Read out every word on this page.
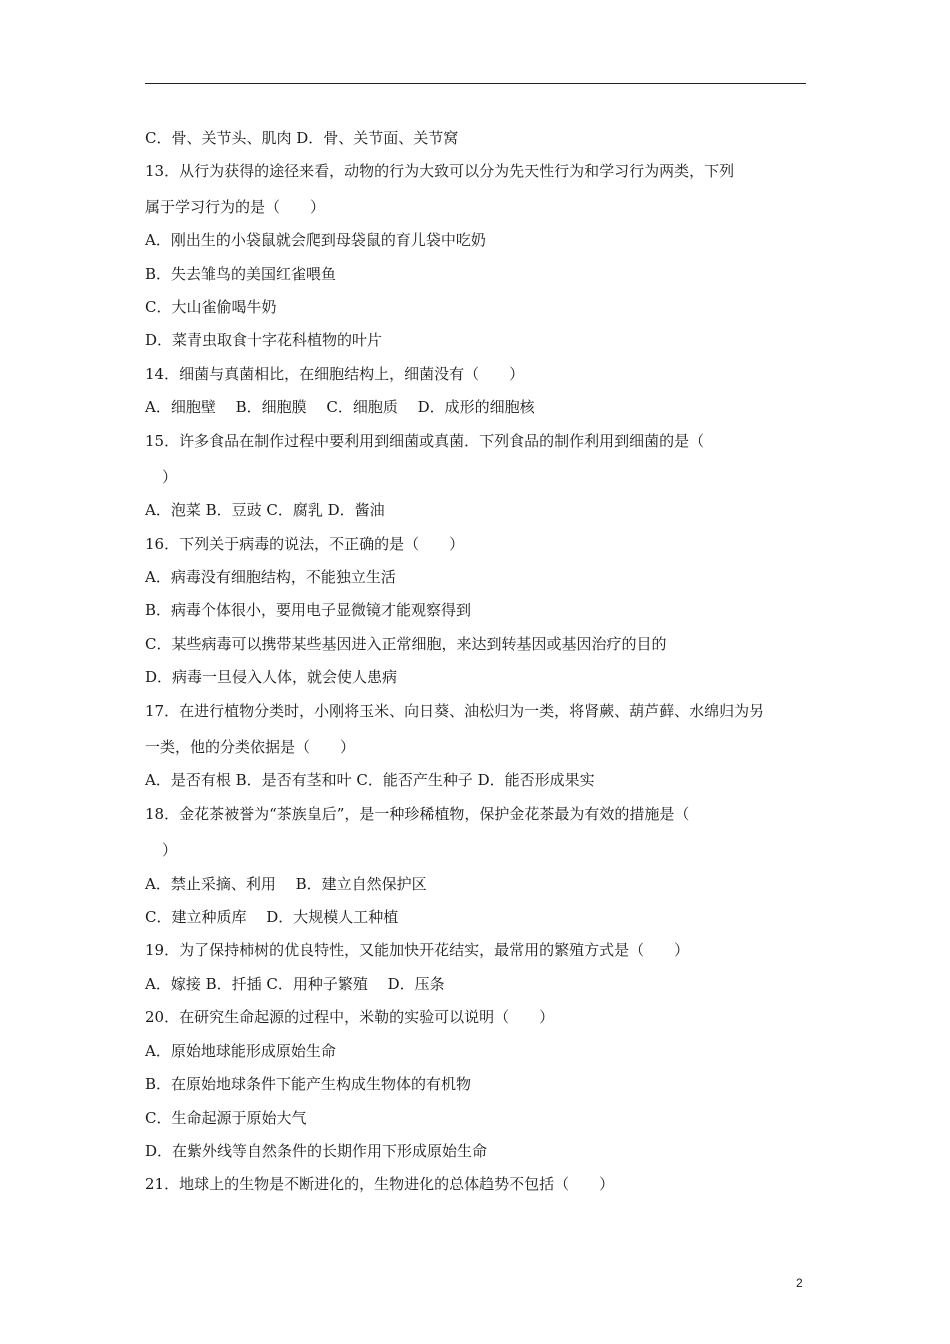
C．骨、关节头、肌肉 D．骨、关节面、关节窝
13．从行为获得的途径来看，动物的行为大致可以分为先天性行为和学习行为两类，下列
属于学习行为的是（　　）
A．刚出生的小袋鼠就会爬到母袋鼠的育儿袋中吃奶
B．失去雏鸟的美国红雀喂鱼
C．大山雀偷喝牛奶
D．菜青虫取食十字花科植物的叶片
14．细菌与真菌相比，在细胞结构上，细菌没有（　　）
A．细胞壁　 B．细胞膜　 C．细胞质　 D．成形的细胞核
15．许多食品在制作过程中要利用到细菌或真菌．下列食品的制作利用到细菌的是（
）
A．泡菜 B．豆豉 C．腐乳 D．酱油
16．下列关于病毒的说法，不正确的是（　　）
A．病毒没有细胞结构，不能独立生活
B．病毒个体很小，要用电子显微镜才能观察得到
C．某些病毒可以携带某些基因进入正常细胞，来达到转基因或基因治疗的目的
D．病毒一旦侵入人体，就会使人患病
17．在进行植物分类时，小刚将玉米、向日葵、油松归为一类，将肾蕨、葫芦藓、水绵归为另
一类，他的分类依据是（　　）
A．是否有根 B．是否有茎和叶 C．能否产生种子 D．能否形成果实
18．金花茶被誉为“茶族皇后”，是一种珍稀植物，保护金花茶最为有效的措施是（
）
A．禁止采摘、利用　 B．建立自然保护区
C．建立种质库　 D．大规模人工种植
19．为了保持柿树的优良特性，又能加快开花结实，最常用的繁殖方式是（　　）
A．嫁接 B．扦插 C．用种子繁殖　 D．压条
20．在研究生命起源的过程中，米勒的实验可以说明（　　）
A．原始地球能形成原始生命
B．在原始地球条件下能产生构成生物体的有机物
C．生命起源于原始大气
D．在紫外线等自然条件的长期作用下形成原始生命
21．地球上的生物是不断进化的，生物进化的总体趋势不包括（　　）
2
